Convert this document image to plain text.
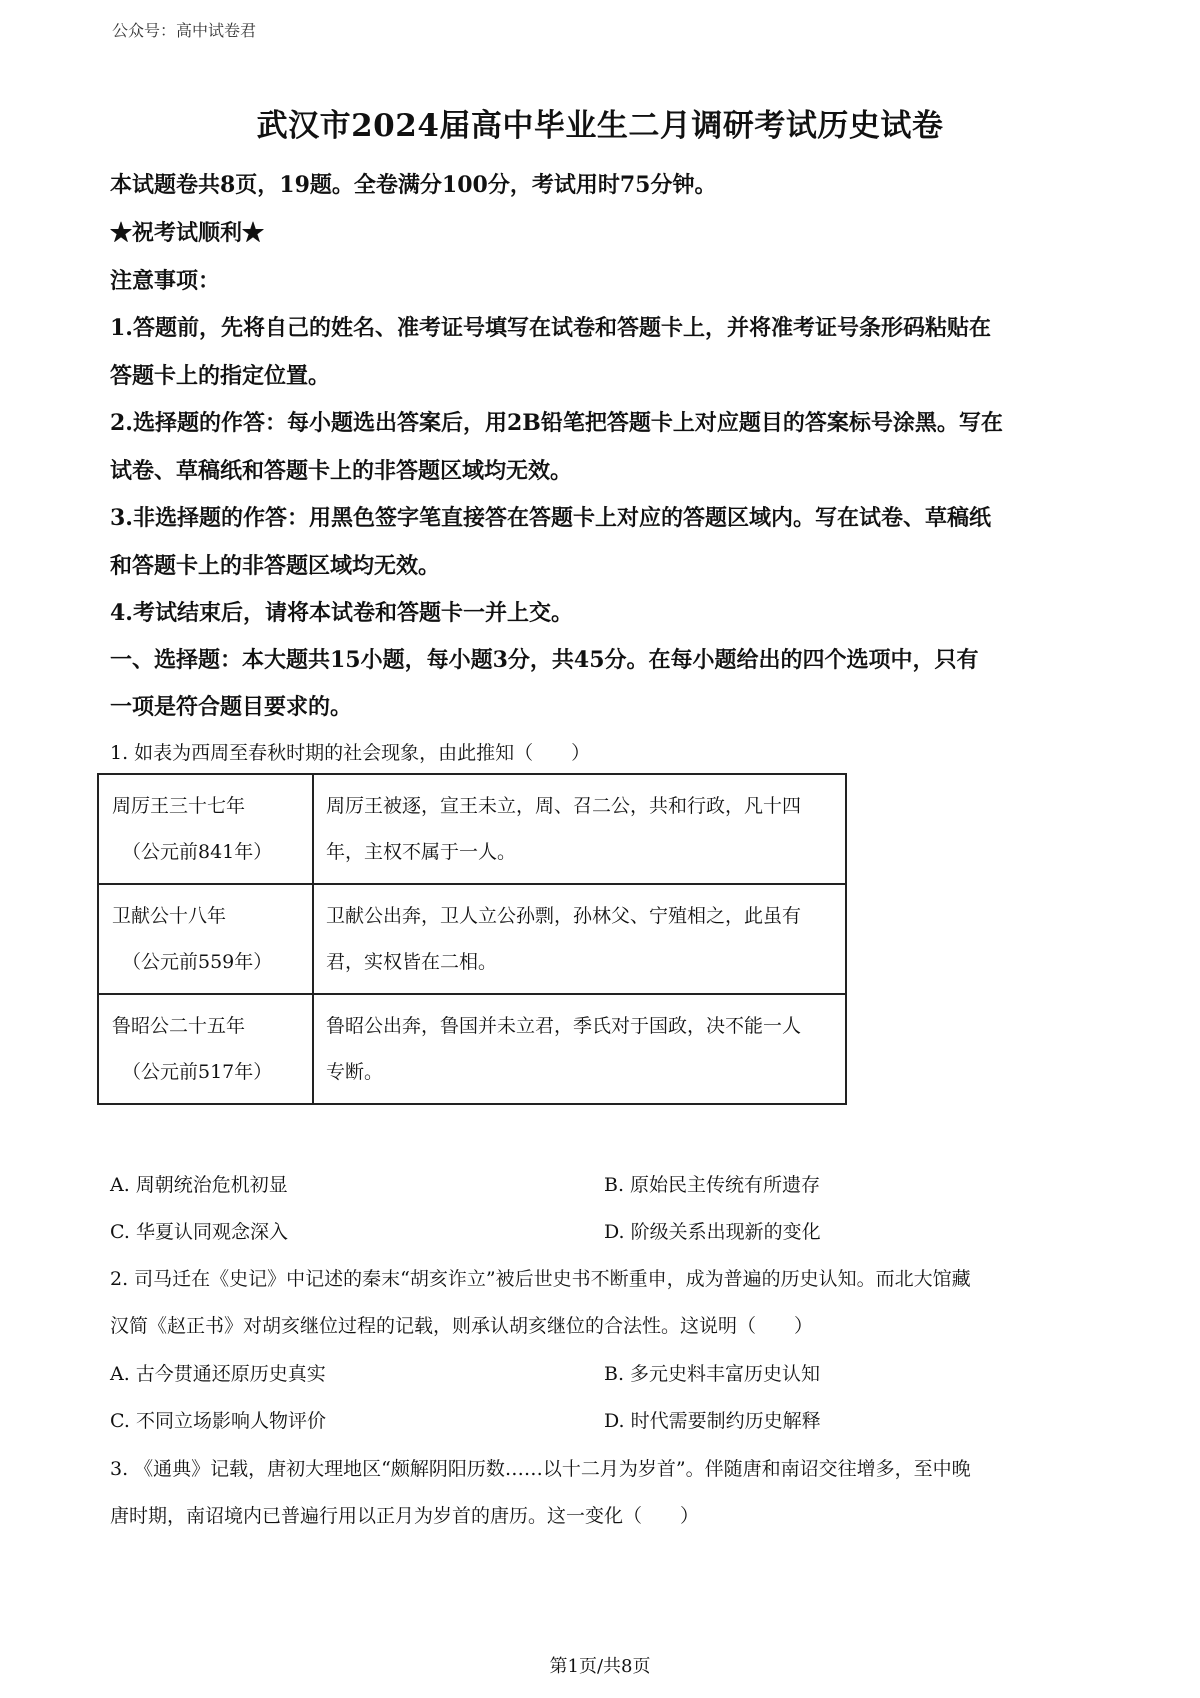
公众号：高中试卷君
武汉市2024届高中毕业生二月调研考试历史试卷
本试题卷共8页，19题。全卷满分100分，考试用时75分钟。
★祝考试顺利★
注意事项：
1.答题前，先将自己的姓名、准考证号填写在试卷和答题卡上，并将准考证号条形码粘贴在
答题卡上的指定位置。
2.选择题的作答：每小题选出答案后，用2B铅笔把答题卡上对应题目的答案标号涂黑。写在
试卷、草稿纸和答题卡上的非答题区域均无效。
3.非选择题的作答：用黑色签字笔直接答在答题卡上对应的答题区域内。写在试卷、草稿纸
和答题卡上的非答题区域均无效。
4.考试结束后，请将本试卷和答题卡一并上交。
一、选择题：本大题共15小题，每小题3分，共45分。在每小题给出的四个选项中，只有
一项是符合题目要求的。
1. 如表为西周至春秋时期的社会现象，由此推知（　　）
周厉王三十七年
（公元前841年）	周厉王被逐，宣王未立，周、召二公，共和行政，凡十四
年，主权不属于一人。

卫献公十八年
（公元前559年）	卫献公出奔，卫人立公孙剽，孙林父、宁殖相之，此虽有
君，实权皆在二相。

鲁昭公二十五年
（公元前517年）	鲁昭公出奔，鲁国并未立君，季氏对于国政，决不能一人
专断。
A. 周朝统治危机初显	B. 原始民主传统有所遗存
C. 华夏认同观念深入	D. 阶级关系出现新的变化
2. 司马迁在《史记》中记述的秦末“胡亥诈立”被后世史书不断重申，成为普遍的历史认知。而北大馆藏
汉简《赵正书》对胡亥继位过程的记载，则承认胡亥继位的合法性。这说明（　　）
A. 古今贯通还原历史真实	B. 多元史料丰富历史认知
C. 不同立场影响人物评价	D. 时代需要制约历史解释
3. 《通典》记载，唐初大理地区“颇解阴阳历数……以十二月为岁首”。伴随唐和南诏交往增多，至中晚
唐时期，南诏境内已普遍行用以正月为岁首的唐历。这一变化（　　）
第1页/共8页
